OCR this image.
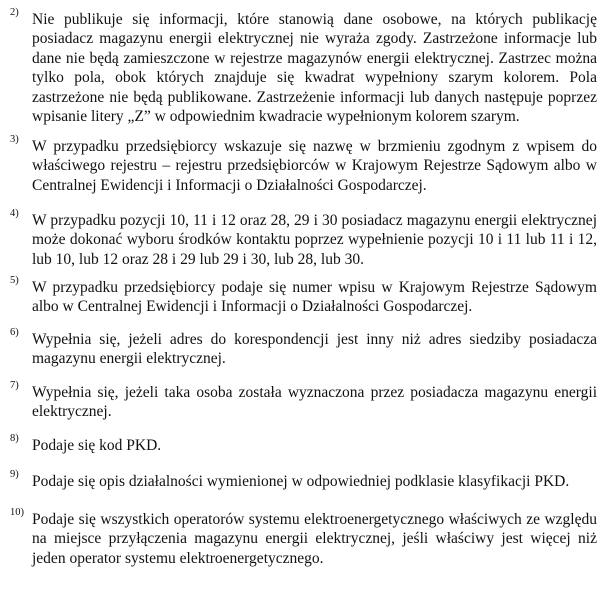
2) Nie publikuje się informacji, które stanowią dane osobowe, na których publikację posiadacz magazynu energii elektrycznej nie wyraża zgody. Zastrzeżone informacje lub dane nie będą zamieszczone w rejestrze magazynów energii elektrycznej. Zastrzec można tylko pola, obok których znajduje się kwadrat wypełniony szarym kolorem. Pola zastrzeżone nie będą publikowane. Zastrzeżenie informacji lub danych następuje poprzez wpisanie litery „Z” w odpowiednim kwadracie wypełnionym kolorem szarym.
3) W przypadku przedsiębiorcy wskazuje się nazwę w brzmieniu zgodnym z wpisem do właściwego rejestru – rejestru przedsiębiorców w Krajowym Rejestrze Sądowym albo w Centralnej Ewidencji i Informacji o Działalności Gospodarczej.
4) W przypadku pozycji 10, 11 i 12 oraz 28, 29 i 30 posiadacz magazynu energii elektrycznej może dokonać wyboru środków kontaktu poprzez wypełnienie pozycji 10 i 11 lub 11 i 12, lub 10, lub 12 oraz 28 i 29 lub 29 i 30, lub 28, lub 30.
5) W przypadku przedsiębiorcy podaje się numer wpisu w Krajowym Rejestrze Sądowym albo w Centralnej Ewidencji i Informacji o Działalności Gospodarczej.
6) Wypełnia się, jeżeli adres do korespondencji jest inny niż adres siedziby posiadacza magazynu energii elektrycznej.
7) Wypełnia się, jeżeli taka osoba została wyznaczona przez posiadacza magazynu energii elektrycznej.
8) Podaje się kod PKD.
9) Podaje się opis działalności wymienionej w odpowiedniej podklasie klasyfikacji PKD.
10) Podaje się wszystkich operatorów systemu elektroenergetycznego właściwych ze względu na miejsce przyłączenia magazynu energii elektrycznej, jeśli właściwy jest więcej niż jeden operator systemu elektroenergetycznego.
